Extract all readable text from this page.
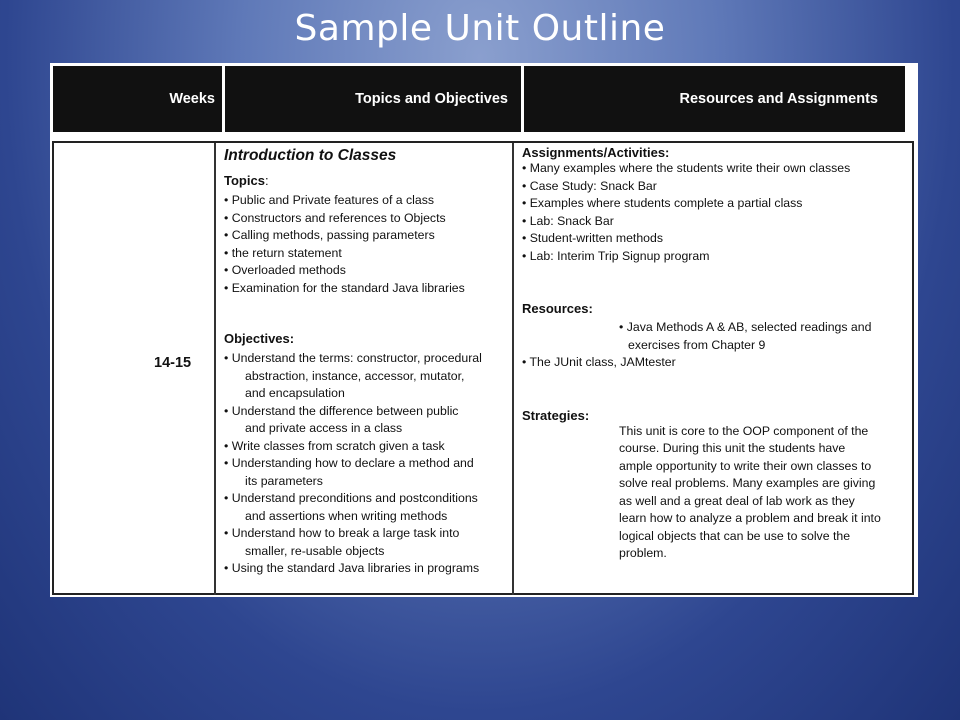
Sample Unit Outline
Weeks	Topics and Objectives	Resources and Assignments
14-15

Introduction to Classes

Topics:

• Public and Private features of a class

• Constructors and references to Objects

• Calling methods, passing parameters

• the return statement

• Overloaded methods

• Examination for the standard Java libraries

Objectives:
• Understand the terms: constructor, procedural
abstraction, instance, accessor, mutator,
and encapsulation
• Understand the difference between public
and private access in a class
• Write classes from scratch given a task
• Understanding how to declare a method and
its parameters
• Understand preconditions and postconditions
and assertions when writing methods
• Understand how to break a large task into
smaller, re-usable objects
• Using the standard Java libraries in programs
Assignments/Activities:

• Many examples where the students write their own classes

• Case Study: Snack Bar

• Examples where students complete a partial class

• Lab: Snack Bar

• Student-written methods

• Lab: Interim Trip Signup program

Resources:

• Java Methods A & AB, selected readings and

exercises from Chapter 9

• The JUnit class, JAMtester

Strategies:

This unit is core to the OOP component of the

course. During this unit the students have

ample opportunity to write their own classes to

solve real problems. Many examples are giving

as well and a great deal of lab work as they

learn how to analyze a problem and break it into

logical objects that can be use to solve the

problem.
